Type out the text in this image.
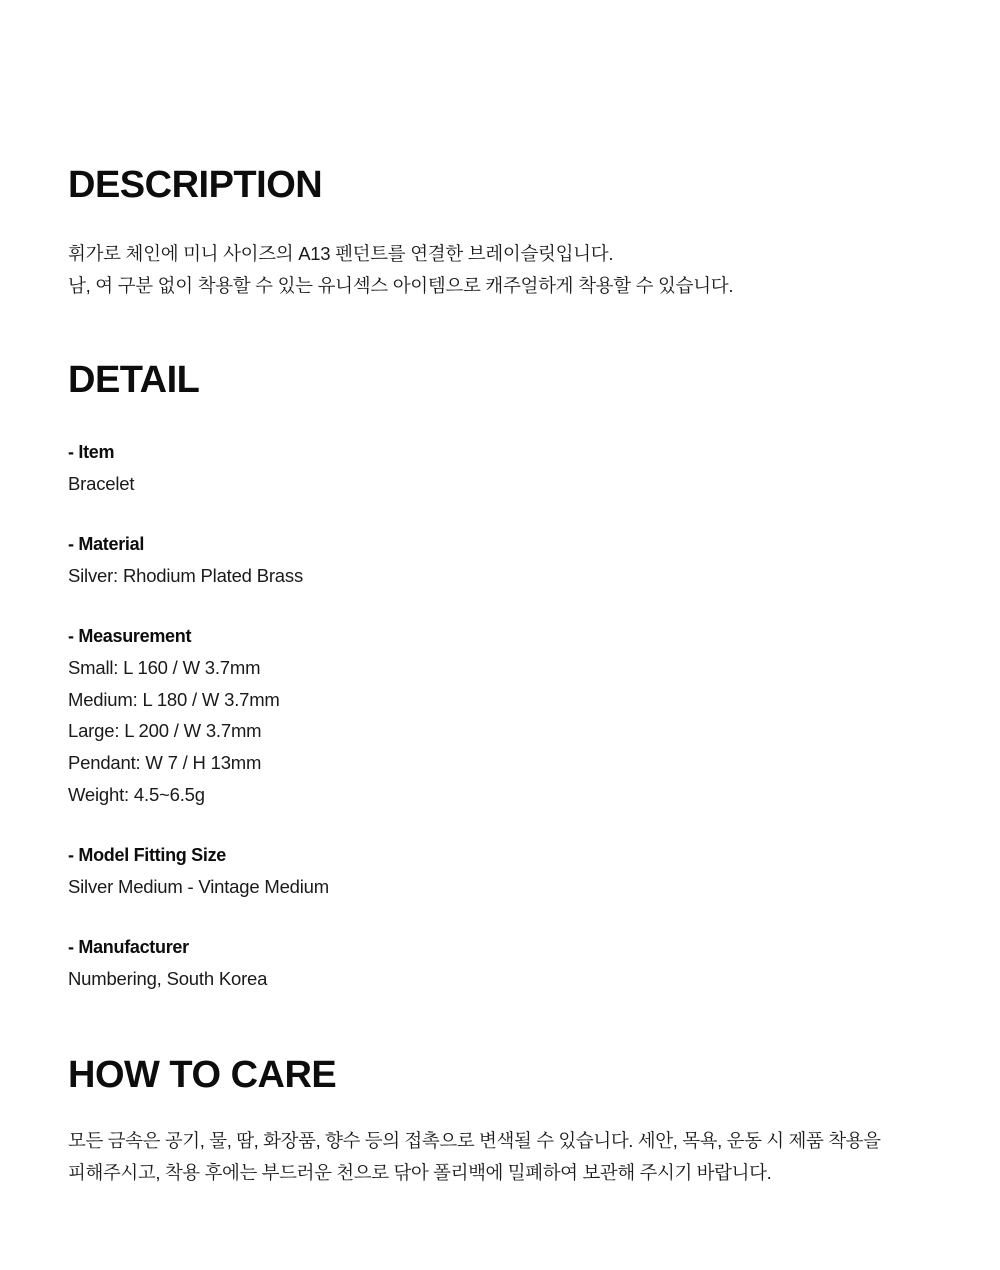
DESCRIPTION

휘가로 체인에 미니 사이즈의 A13 펜던트를 연결한 브레이슬릿입니다.

남, 여 구분 없이 착용할 수 있는 유니섹스 아이템으로 캐주얼하게 착용할 수 있습니다.

DETAIL

- Item

Bracelet

- Material

Silver: Rhodium Plated Brass

- Measurement

Small: L 160 / W 3.7mm

Medium: L 180 / W 3.7mm

Large: L 200 / W 3.7mm

Pendant: W 7 / H 13mm

Weight: 4.5~6.5g

- Model Fitting Size

Silver Medium - Vintage Medium

- Manufacturer

Numbering, South Korea

HOW TO CARE

모든 금속은 공기, 물, 땀, 화장품, 향수 등의 접촉으로 변색될 수 있습니다. 세안, 목욕, 운동 시 제품 착용을

피해주시고, 착용 후에는 부드러운 천으로 닦아 폴리백에 밀폐하여 보관해 주시기 바랍니다.
